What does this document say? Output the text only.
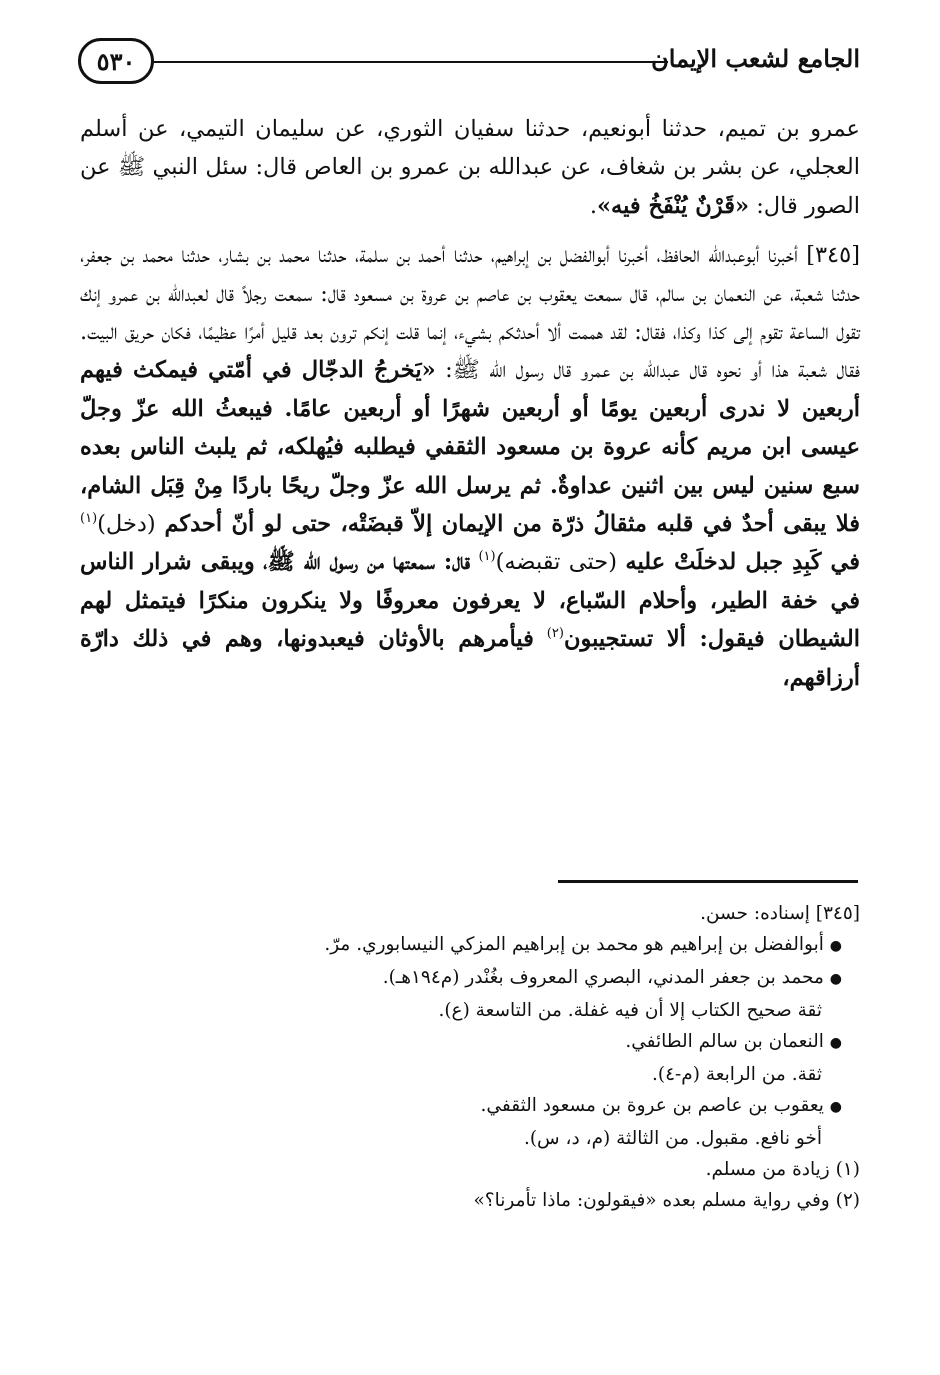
٥٣٠	الجامع لشعب الإيمان

عمرو بن تميم، حدثنا أبونعيم، حدثنا سفيان الثوري، عن سليمان التيمي، عن أسلم العجلي، عن بشر بن شغاف، عن عبدالله بن عمرو بن العاص قال: سئل النبي ﷺ عن الصور قال: «قَرْنٌ يُنْفَخُ فيه».

[٣٤٥] أخبرنا أبوعبدالله الحافظ، أخبرنا أبوالفضل بن إبراهيم، حدثنا أحمد بن سلمة، حدثنا محمد بن بشار، حدثنا محمد بن جعفر، حدثنا شعبة، عن النعمان بن سالم، قال سمعت يعقوب بن عاصم بن عروة بن مسعود قال: سمعت رجلاً قال لعبدالله بن عمرو إنك تقول الساعة تقوم إلى كذا وكذا، فقال: لقد هممت ألا أحدثكم بشيء، إنما قلت إنكم ترون بعد قليل أمرًا عظيمًا، فكان حريق البيت. فقال شعبة هذا أو نحوه قال عبدالله بن عمرو قال رسول الله ﷺ: «يَخرجُ الدجّال في أمّتي فيمكث فيهم أربعين لا ندرى أربعين يومًا أو أربعين شهرًا أو أربعين عامًا. فيبعثُ الله عزّ وجلّ عيسى ابن مريم كأنه عروة بن مسعود الثقفي فيطلبه فيُهلكه، ثم يلبث الناس بعده سبع سنين ليس بين اثنين عداوةٌ. ثم يرسل الله عزّ وجلّ ريحًا باردًا مِنْ قِبَل الشام، فلا يبقى أحدٌ في قلبه مثقالُ ذرّة من الإيمان إلاّ قبضَتْه، حتى لو أنّ أحدكم (دخل)$^{(١)}$ في كَبِدِ جبل لدخلَتْ عليه (حتى تقبضه)$^{(١)}$ قال: سمعتها من رسول الله ﷺ، ويبقى شرار الناس في خفة الطير، وأحلام السّباع، لا يعرفون معروفًا ولا ينكرون منكرًا فيتمثل لهم الشيطان فيقول: ألا تستجيبون$^{(٢)}$ فيأمرهم بالأوثان فيعبدونها، وهم في ذلك دارّة أرزاقهم،

[٣٤٥] إسناده: حسن.

● أبوالفضل بن إبراهيم هو محمد بن إبراهيم المزكي النيسابوري. مرّ.

● محمد بن جعفر المدني، البصري المعروف بغُنْدر (م١٩٤هـ).

ثقة صحيح الكتاب إلا أن فيه غفلة. من التاسعة (ع).

● النعمان بن سالم الطائفي.

ثقة. من الرابعة (م-٤).

● يعقوب بن عاصم بن عروة بن مسعود الثقفي.

أخو نافع. مقبول. من الثالثة (م، د، س).

(١) زيادة من مسلم.

(٢) وفي رواية مسلم بعده «فيقولون: ماذا تأمرنا؟»
